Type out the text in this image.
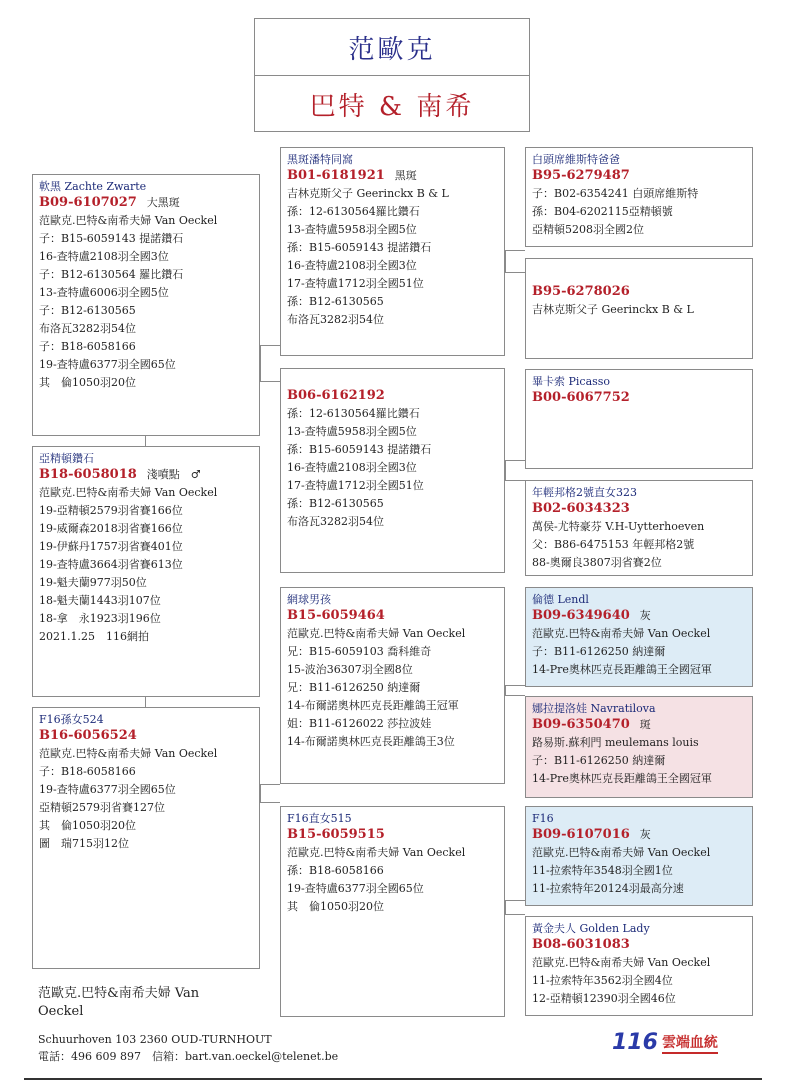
范歐克
巴特 & 南希
軟黑 Zachte Zwarte
B09-6107027 大黑斑
范歐克.巴特&南希夫婦 Van Oeckel
子：B15-6059143 提諾鑽石
16-查特盧2108羽全國3位
子：B12-6130564 羅比鑽石
13-查特盧6006羽全國5位
子：B12-6130565
布洛瓦3282羽54位
子：B18-6058166
19-查特盧6377羽全國65位
其　倫1050羽20位
亞精頓鑽石
B18-6058018 淺噴點　♂
范歐克.巴特&南希夫婦 Van Oeckel
19-亞精頓2579羽省賽166位
19-威爾森2018羽省賽166位
19-伊蘇丹1757羽省賽401位
19-查特盧3664羽省賽613位
19-魁夫蘭977羽50位
18-魁夫蘭1443羽107位
18-拿　永1923羽196位
2021.1.25　116網拍
F16孫女524
B16-6056524
范歐克.巴特&南希夫婦 Van Oeckel
子：B18-6058166
19-查特盧6377羽全國65位
亞精頓2579羽省賽127位
其　倫1050羽20位
圖　瑞715羽12位
黑斑潘特同窩
B01-6181921 黑斑
吉林克斯父子 Geerinckx B & L
孫：12-6130564羅比鑽石
13-查特盧5958羽全國5位
孫：B15-6059143 提諾鑽石
16-查特盧2108羽全國3位
17-查特盧1712羽全國51位
孫：B12-6130565
布洛瓦3282羽54位
B06-6162192
孫：12-6130564羅比鑽石
13-查特盧5958羽全國5位
孫：B15-6059143 提諾鑽石
16-查特盧2108羽全國3位
17-查特盧1712羽全國51位
孫：B12-6130565
布洛瓦3282羽54位
網球男孩
B15-6059464
范歐克.巴特&南希夫婦 Van Oeckel
兄：B15-6059103 喬科維奇
15-波治36307羽全國8位
兄：B11-6126250 納達爾
14-布爾諾奧林匹克長距離鴿王冠軍
姐：B11-6126022 莎拉波娃
14-布爾諾奧林匹克長距離鴿王3位
F16直女515
B15-6059515
范歐克.巴特&南希夫婦 Van Oeckel
孫：B18-6058166
19-查特盧6377羽全國65位
其　倫1050羽20位
白頭席維斯特爸爸
B95-6279487
子：B02-6354241 白頭席維斯特
孫：B04-6202115亞精頓號
亞精頓5208羽全國2位
B95-6278026
吉林克斯父子 Geerinckx B & L
畢卡索 Picasso
B00-6067752
年輕邦格2號直女323
B02-6034323
萬侯-尤特豪芬 V.H-Uytterhoeven
父：B86-6475153 年輕邦格2號
88-奧爾良3807羽省賽2位
倫德 Lendl
B09-6349640 灰
范歐克.巴特&南希夫婦 Van Oeckel
子：B11-6126250 納達爾
14-Pre奧林匹克長距離鴿王全國冠軍
娜拉提洛娃 Navratilova
B09-6350470 斑
路易斯.蘇利門 meulemans louis
子：B11-6126250 納達爾
14-Pre奧林匹克長距離鴿王全國冠軍
F16
B09-6107016 灰
范歐克.巴特&南希夫婦 Van Oeckel
11-拉索特年3548羽全國1位
11-拉索特年20124羽最高分速
黃金夫人 Golden Lady
B08-6031083
范歐克.巴特&南希夫婦 Van Oeckel
11-拉索特年3562羽全國4位
12-亞精頓12390羽全國46位
范歐克.巴特&南希夫婦 Van
Oeckel
Schuurhoven 103 2360 OUD-TURNHOUT
電話：496 609 897　信箱：bart.van.oeckel@telenet.be
116 雲端血統
